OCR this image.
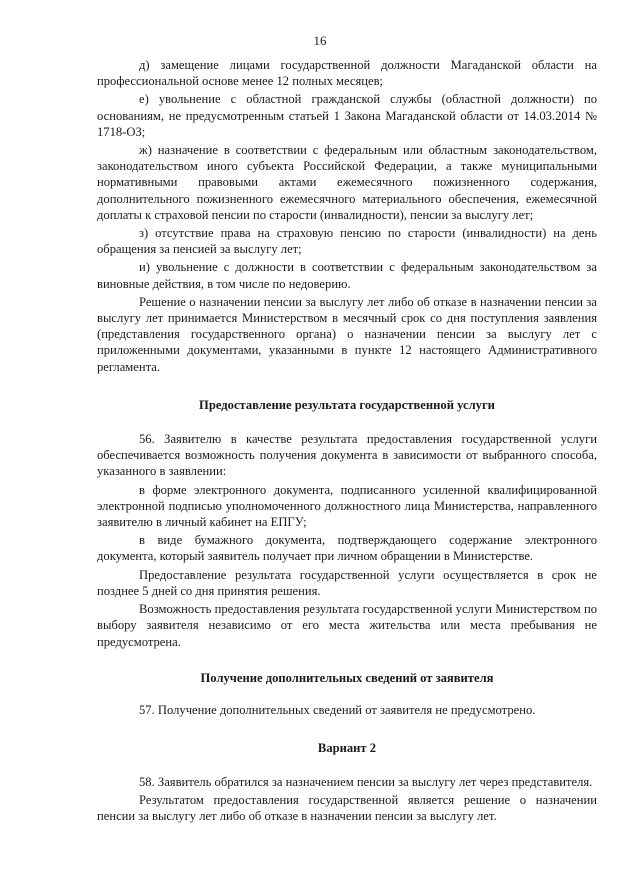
16

д) замещение лицами государственной должности Магаданской области на профессиональной основе менее 12 полных месяцев;

е) увольнение с областной гражданской службы (областной должности) по основаниям, не предусмотренным статьей 1 Закона Магаданской области от 14.03.2014 № 1718-ОЗ;

ж) назначение в соответствии с федеральным или областным законодательством, законодательством иного субъекта Российской Федерации, а также муниципальными нормативными правовыми актами ежемесячного пожизненного содержания, дополнительного пожизненного ежемесячного материального обеспечения, ежемесячной доплаты к страховой пенсии по старости (инвалидности), пенсии за выслугу лет;

з) отсутствие права на страховую пенсию по старости (инвалидности) на день обращения за пенсией за выслугу лет;

и) увольнение с должности в соответствии с федеральным законодательством за виновные действия, в том числе по недоверию.

Решение о назначении пенсии за выслугу лет либо об отказе в назначении пенсии за выслугу лет принимается Министерством в месячный срок со дня поступления заявления (представления государственного органа) о назначении пенсии за выслугу лет с приложенными документами, указанными в пункте 12 настоящего Административного регламента.

Предоставление результата государственной услуги

56. Заявителю в качестве результата предоставления государственной услуги обеспечивается возможность получения документа в зависимости от выбранного способа, указанного в заявлении:

в форме электронного документа, подписанного усиленной квалифицированной электронной подписью уполномоченного должностного лица Министерства, направленного заявителю в личный кабинет на ЕПГУ;

в виде бумажного документа, подтверждающего содержание электронного документа, который заявитель получает при личном обращении в Министерстве.

Предоставление результата государственной услуги осуществляется в срок не позднее 5 дней со дня принятия решения.

Возможность предоставления результата государственной услуги Министерством по выбору заявителя независимо от его места жительства или места пребывания не предусмотрена.

Получение дополнительных сведений от заявителя

57. Получение дополнительных сведений от заявителя не предусмотрено.

Вариант 2

58. Заявитель обратился за назначением пенсии за выслугу лет через представителя.

Результатом предоставления государственной является решение о назначении пенсии за выслугу лет либо об отказе в назначении пенсии за выслугу лет.
